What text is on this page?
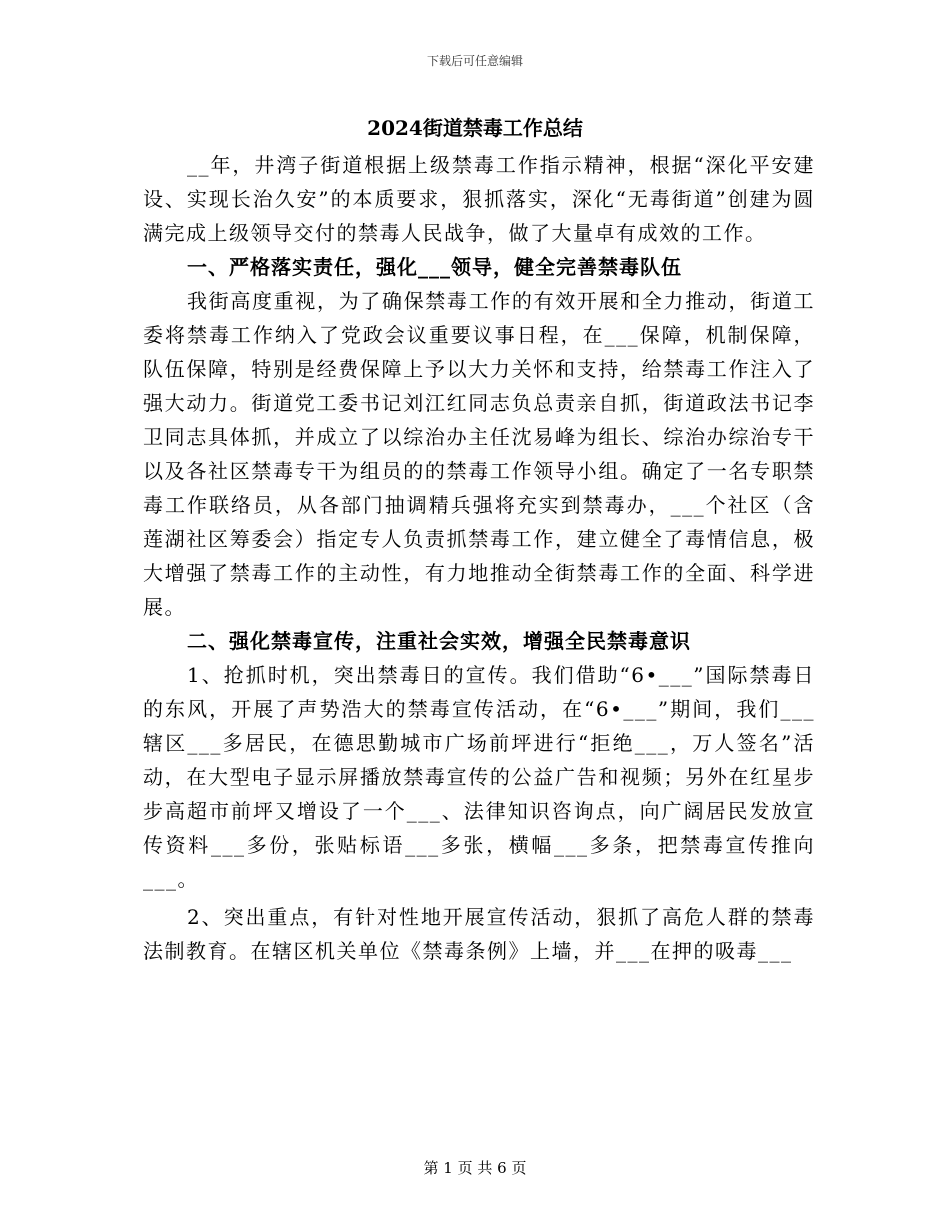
下载后可任意编辑
2024街道禁毒工作总结

__年，井湾子街道根据上级禁毒工作指示精神，根据“深化平安建设、实现长治久安”的本质要求，狠抓落实，深化“无毒街道”创建为圆满完成上级领导交付的禁毒人民战争，做了大量卓有成效的工作。

一、严格落实责任，强化___领导，健全完善禁毒队伍

我街高度重视，为了确保禁毒工作的有效开展和全力推动，街道工委将禁毒工作纳入了党政会议重要议事日程，在___保障，机制保障，队伍保障，特别是经费保障上予以大力关怀和支持，给禁毒工作注入了强大动力。街道党工委书记刘江红同志负总责亲自抓，街道政法书记李卫同志具体抓，并成立了以综治办主任沈易峰为组长、综治办综治专干以及各社区禁毒专干为组员的的禁毒工作领导小组。确定了一名专职禁毒工作联络员，从各部门抽调精兵强将充实到禁毒办，___个社区（含莲湖社区筹委会）指定专人负责抓禁毒工作，建立健全了毒情信息，极大增强了禁毒工作的主动性，有力地推动全街禁毒工作的全面、科学进展。

二、强化禁毒宣传，注重社会实效，增强全民禁毒意识

1、抢抓时机，突出禁毒日的宣传。我们借助“6•___”国际禁毒日的东风，开展了声势浩大的禁毒宣传活动，在“6•___”期间，我们___辖区___多居民，在德思勤城市广场前坪进行“拒绝___，万人签名”活动，在大型电子显示屏播放禁毒宣传的公益广告和视频；另外在红星步步高超市前坪又增设了一个___、法律知识咨询点，向广阔居民发放宣传资料___多份，张贴标语___多张，横幅___多条，把禁毒宣传推向___。

2、突出重点，有针对性地开展宣传活动，狠抓了高危人群的禁毒法制教育。在辖区机关单位《禁毒条例》上墙，并___在押的吸毒___

第 1 页 共 6 页
